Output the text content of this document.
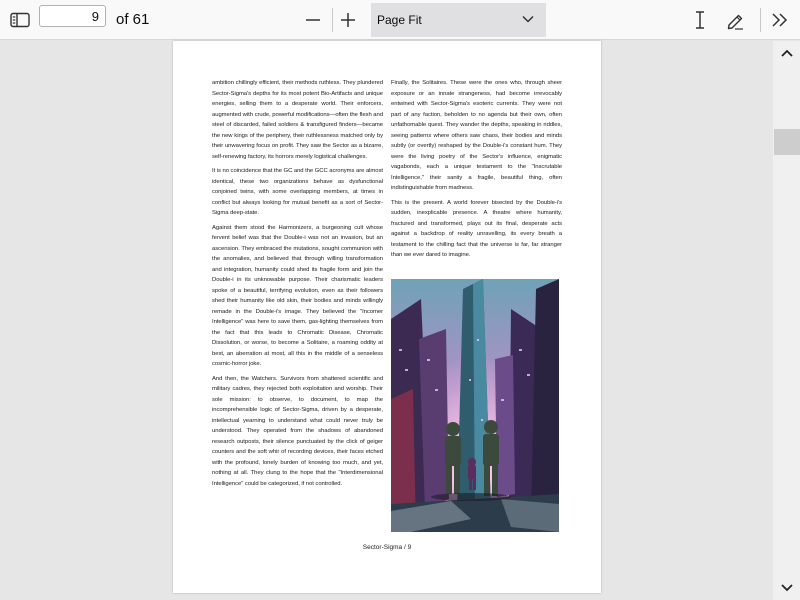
9
of 61	Page Fit

ambition chillingly efficient, their methods ruthless. They plundered Sector-Sigma's depths for its most potent Bio-Artifacts and unique energies, selling them to a desperate world. Their enforcers, augmented with crude, powerful modifications—often the flesh and steel of discarded, failed soldiers & transfigured finders—became the new kings of the periphery, their ruthlessness matched only by their unwavering focus on profit. They saw the Sector as a bizarre, self-renewing factory, its horrors merely logistical challenges.

It is no coincidence that the GC and the GCC acronyms are almost identical, these two organizations behave as dysfunctional conjoined twins, with some overlapping members, at times in conflict but always looking for mutual benefit as a sort of Sector-Sigma deep-state.

Against them stood the Harmonizers, a burgeoning cult whose fervent belief was that the Double-i was not an invasion, but an ascension. They embraced the mutations, sought communion with the anomalies, and believed that through willing transformation and integration, humanity could shed its fragile form and join the Double-i in its unknowable purpose. Their charismatic leaders spoke of a beautiful, terrifying evolution, even as their followers shed their humanity like old skin, their bodies and minds willingly remade in the Double-i's image. They believed the "Incomer Intelligence" was here to save them, gas-lighting themselves from the fact that this leads to Chromatic Disease, Chromatic Dissolution, or worse, to become a Solitaire, a roaming oddity at best, an aberration at most, all this in the middle of a senseless cosmic-horror joke.

And then, the Watchers. Survivors from shattered scientific and military cadres, they rejected both exploitation and worship. Their sole mission: to observe, to document, to map the incomprehensible logic of Sector-Sigma, driven by a desperate, intellectual yearning to understand what could never truly be understood. They operated from the shadows of abandoned research outposts, their silence punctuated by the click of geiger counters and the soft whir of recording devices, their faces etched with the profound, lonely burden of knowing too much, and yet, nothing at all. They clung to the hope that the "Interdimensional Intelligence" could be categorized, if not controlled.

Finally, the Solitaires. These were the ones who, through sheer exposure or an innate strangeness, had become irrevocably entwined with Sector-Sigma's esoteric currents. They were not part of any faction, beholden to no agenda but their own, often unfathomable quest. They wander the depths, speaking in riddles, seeing patterns where others saw chaos, their bodies and minds subtly (or overtly) reshaped by the Double-i's constant hum. They were the living poetry of the Sector's influence, enigmatic vagabonds, each a unique testament to the "Inscrutable Intelligence," their sanity a fragile, beautiful thing, often indistinguishable from madness.

This is the present. A world forever bisected by the Double-i's sudden, inexplicable presence. A theatre where humanity, fractured and transformed, plays out its final, desperate acts against a backdrop of reality unravelling, its every breath a testament to the chilling fact that the universe is far, far stranger than we ever dared to imagine.

Sector-Sigma / 9
